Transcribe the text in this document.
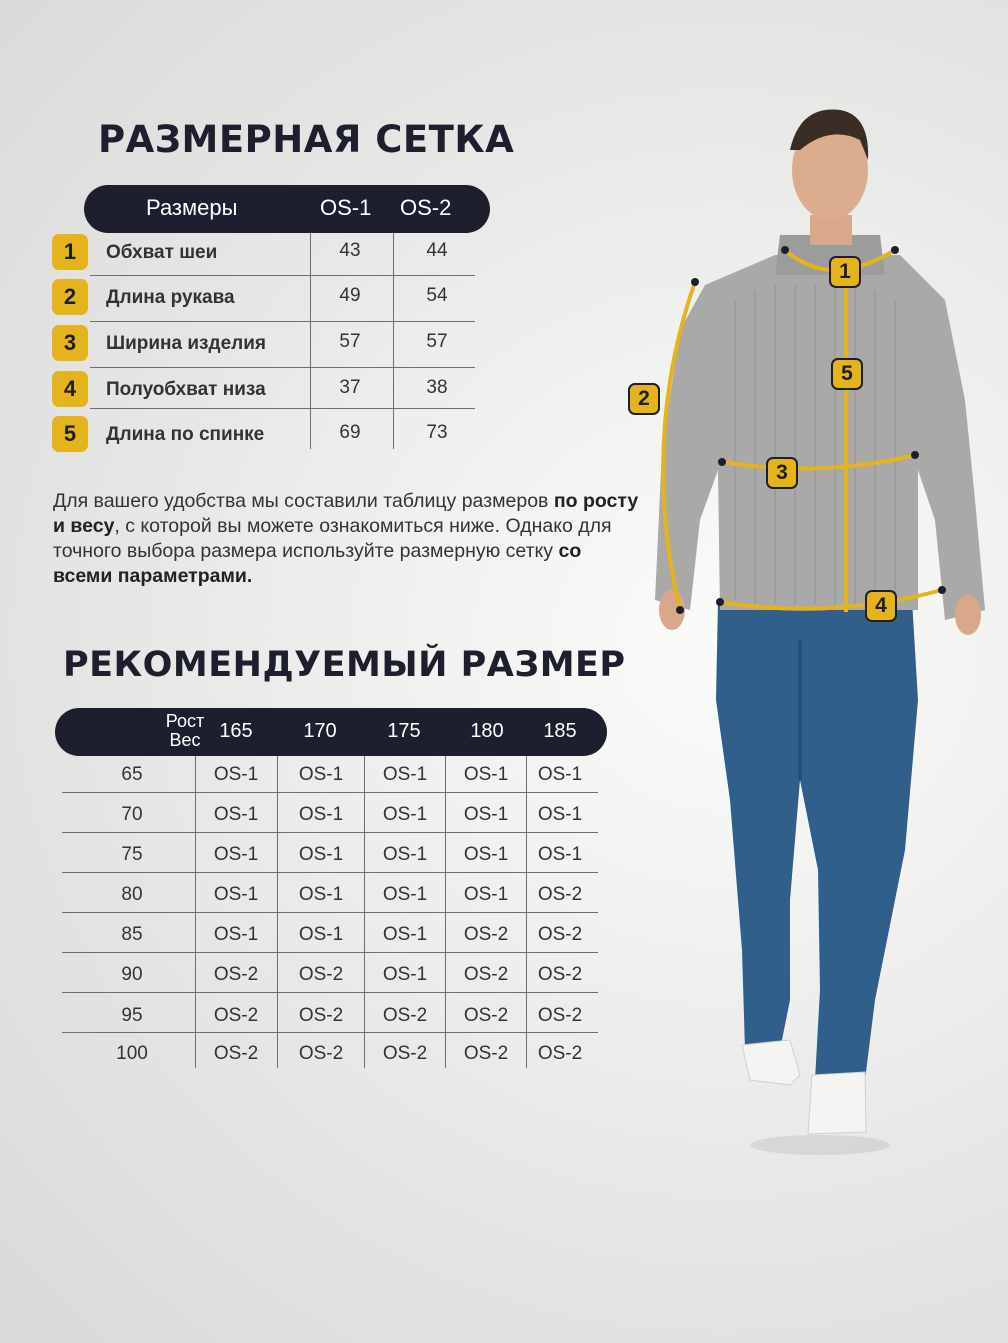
РАЗМЕРНАЯ СЕТКА
Размеры	OS-1 OS-2
1	Обхват шеи	43	44
2	Длина рукава	49	54
3	Ширина изделия	57	57
4	Полуобхват низа	37	38
5	Длина по спинке	69	73
Для вашего удобства мы составили таблицу размеров по росту и весу, с которой вы можете ознакомиться ниже. Однако для точного выбора размера используйте размерную сетку со всеми параметрами.
РЕКОМЕНДУЕМЫЙ РАЗМЕР
Рост
Вес 165	170	175	180	185
65	OS-1	OS-1	OS-1	OS-1	OS-1
70	OS-1	OS-1	OS-1	OS-1	OS-1
75	OS-1	OS-1	OS-1	OS-1	OS-1
80	OS-1	OS-1	OS-1	OS-1	OS-2
85	OS-1	OS-1	OS-1	OS-2	OS-2
90	OS-2	OS-2	OS-1	OS-2	OS-2
95	OS-2	OS-2	OS-2	OS-2	OS-2
100	OS-2	OS-2	OS-2	OS-2	OS-2
1
2
3
4
5
